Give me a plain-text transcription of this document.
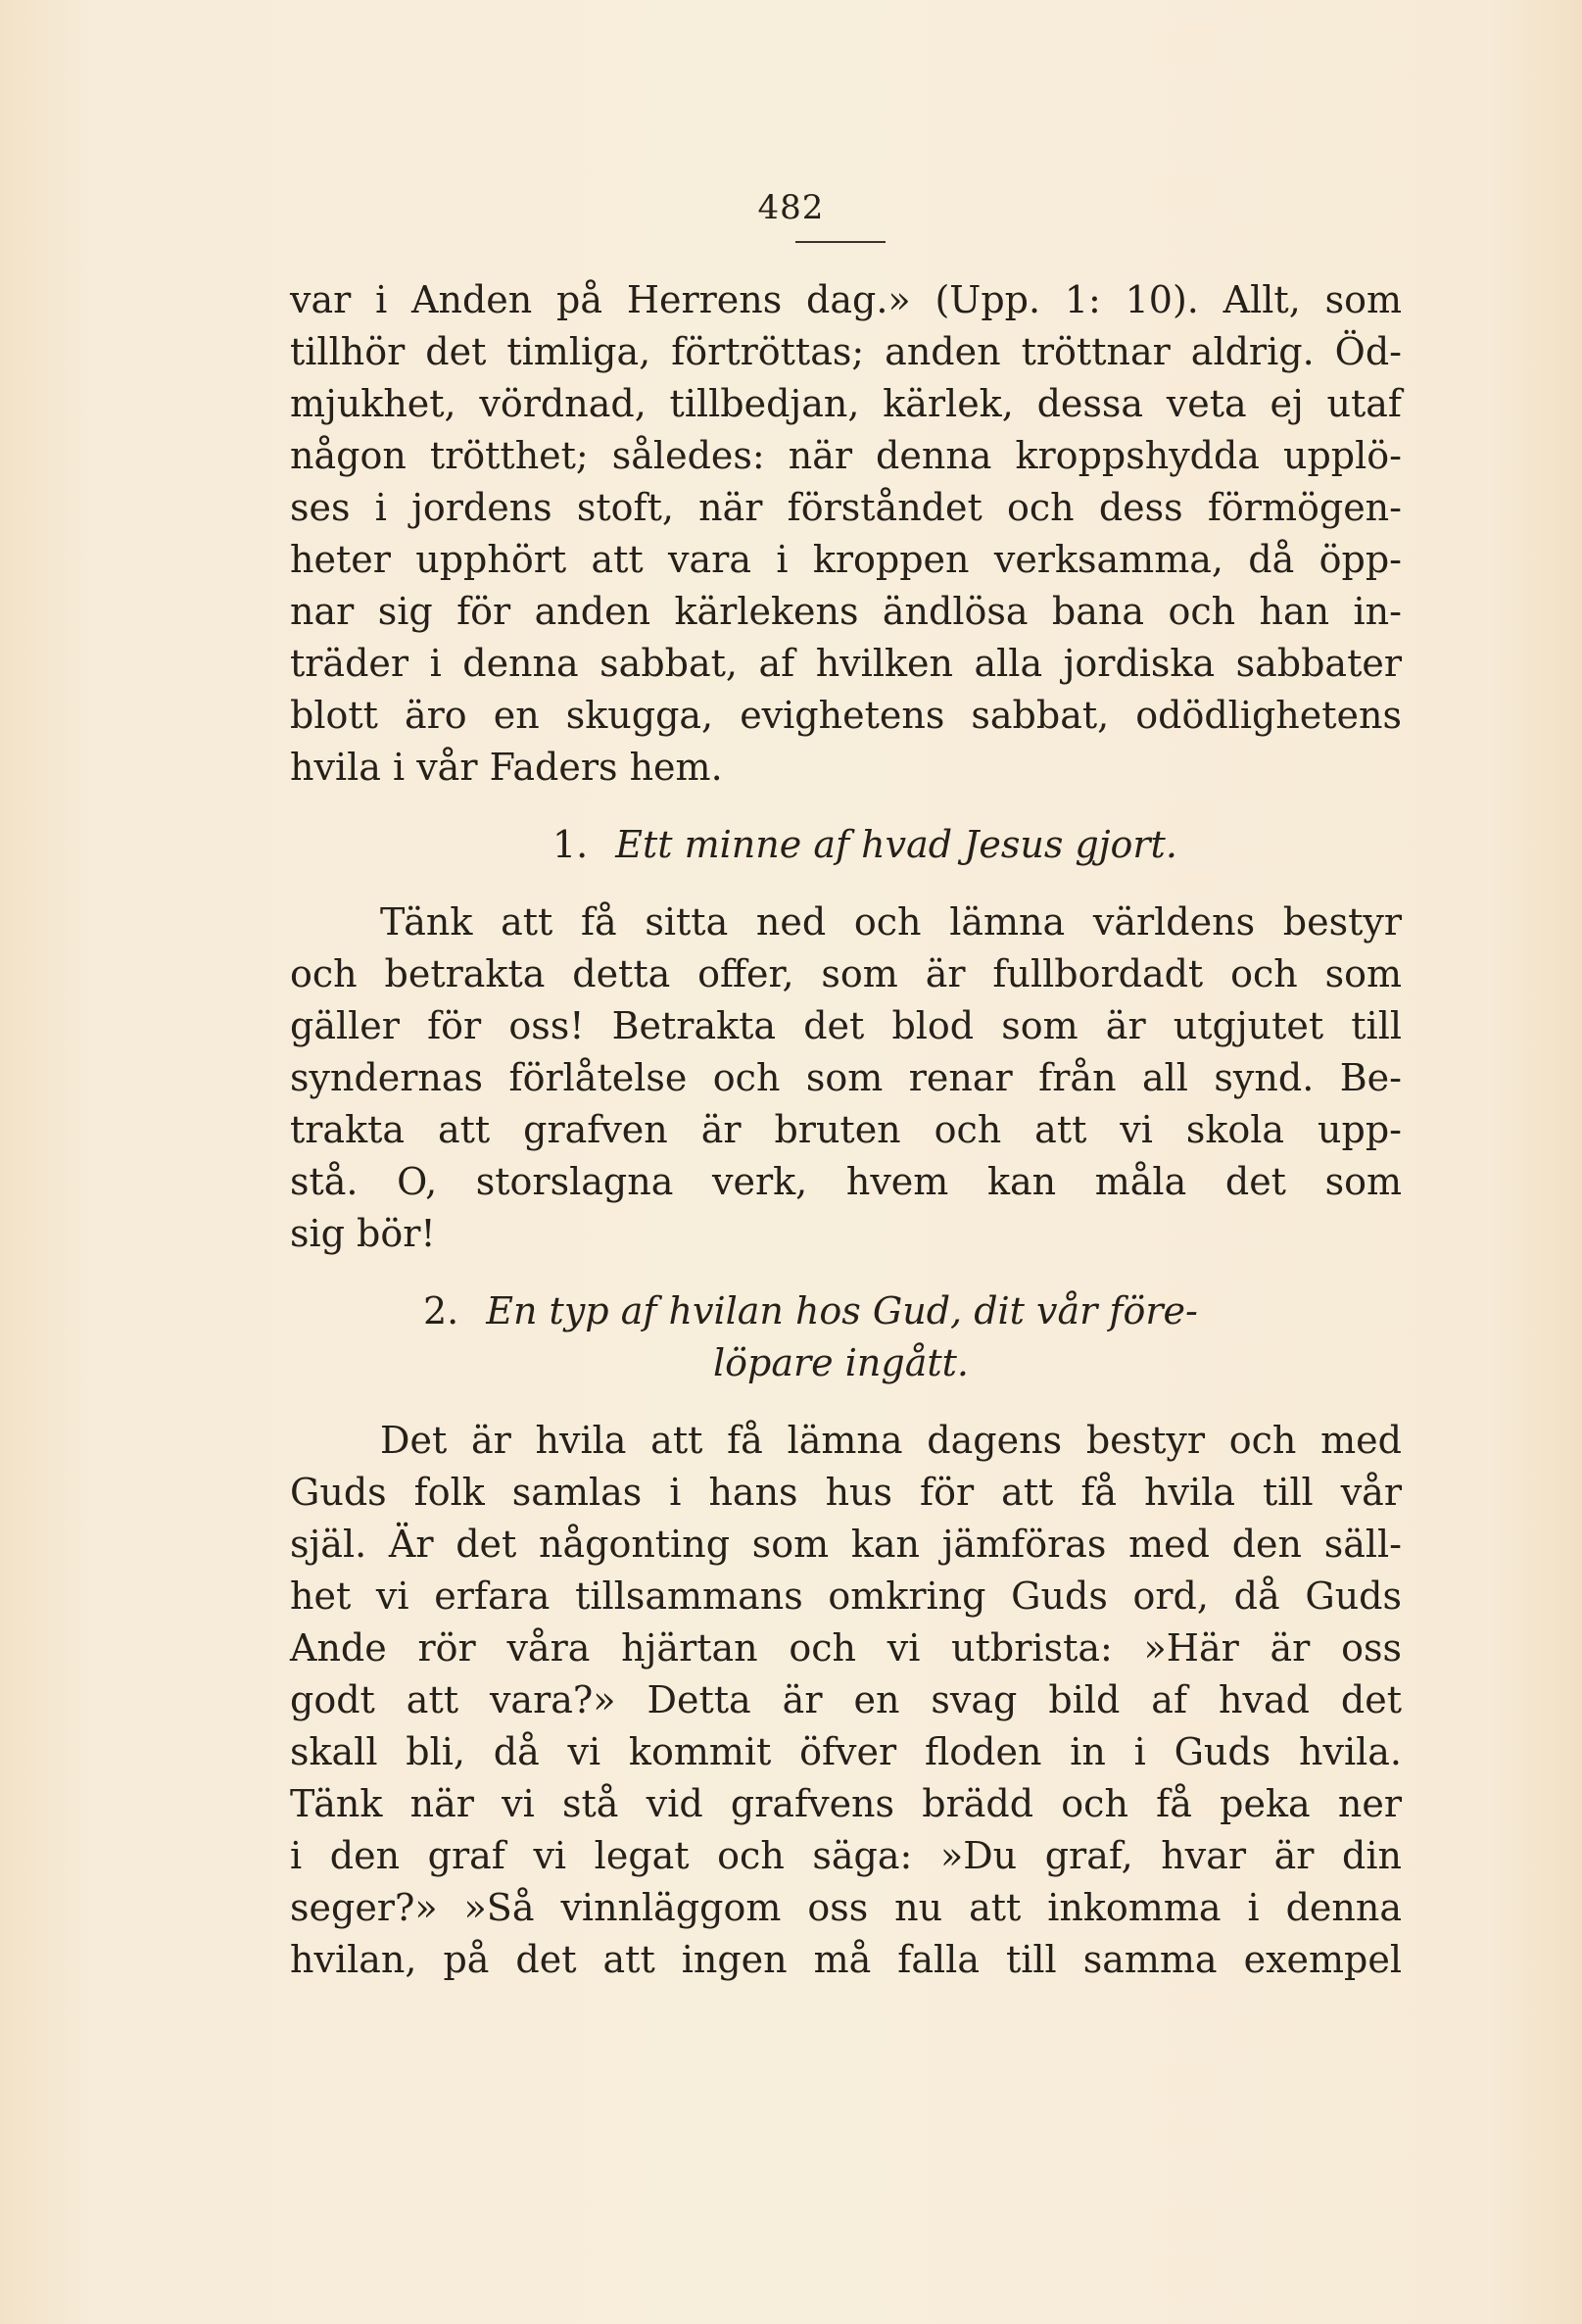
482
var i Anden på Herrens dag.» (Upp. 1: 10). Allt, som
tillhör det timliga, förtröttas; anden tröttnar aldrig. Öd-
mjukhet, vördnad, tillbedjan, kärlek, dessa veta ej utaf
någon trötthet; således: när denna kroppshydda upplö-
ses i jordens stoft, när förståndet och dess förmögen-
heter upphört att vara i kroppen verksamma, då öpp-
nar sig för anden kärlekens ändlösa bana och han in-
träder i denna sabbat, af hvilken alla jordiska sabbater
blott äro en skugga, evighetens sabbat, odödlighetens
hvila i vår Faders hem.
1. Ett minne af hvad Jesus gjort.
Tänk att få sitta ned och lämna världens bestyr
och betrakta detta offer, som är fullbordadt och som
gäller för oss! Betrakta det blod som är utgjutet till
syndernas förlåtelse och som renar från all synd. Be-
trakta att grafven är bruten och att vi skola upp-
stå. O, storslagna verk, hvem kan måla det som
sig bör!
2. En typ af hvilan hos Gud, dit vår före-
löpare ingått.
Det är hvila att få lämna dagens bestyr och med
Guds folk samlas i hans hus för att få hvila till vår
själ. Är det någonting som kan jämföras med den säll-
het vi erfara tillsammans omkring Guds ord, då Guds
Ande rör våra hjärtan och vi utbrista: »Här är oss
godt att vara?» Detta är en svag bild af hvad det
skall bli, då vi kommit öfver floden in i Guds hvila.
Tänk när vi stå vid grafvens brädd och få peka ner
i den graf vi legat och säga: »Du graf, hvar är din
seger?» »Så vinnläggom oss nu att inkomma i denna
hvilan, på det att ingen må falla till samma exempel
